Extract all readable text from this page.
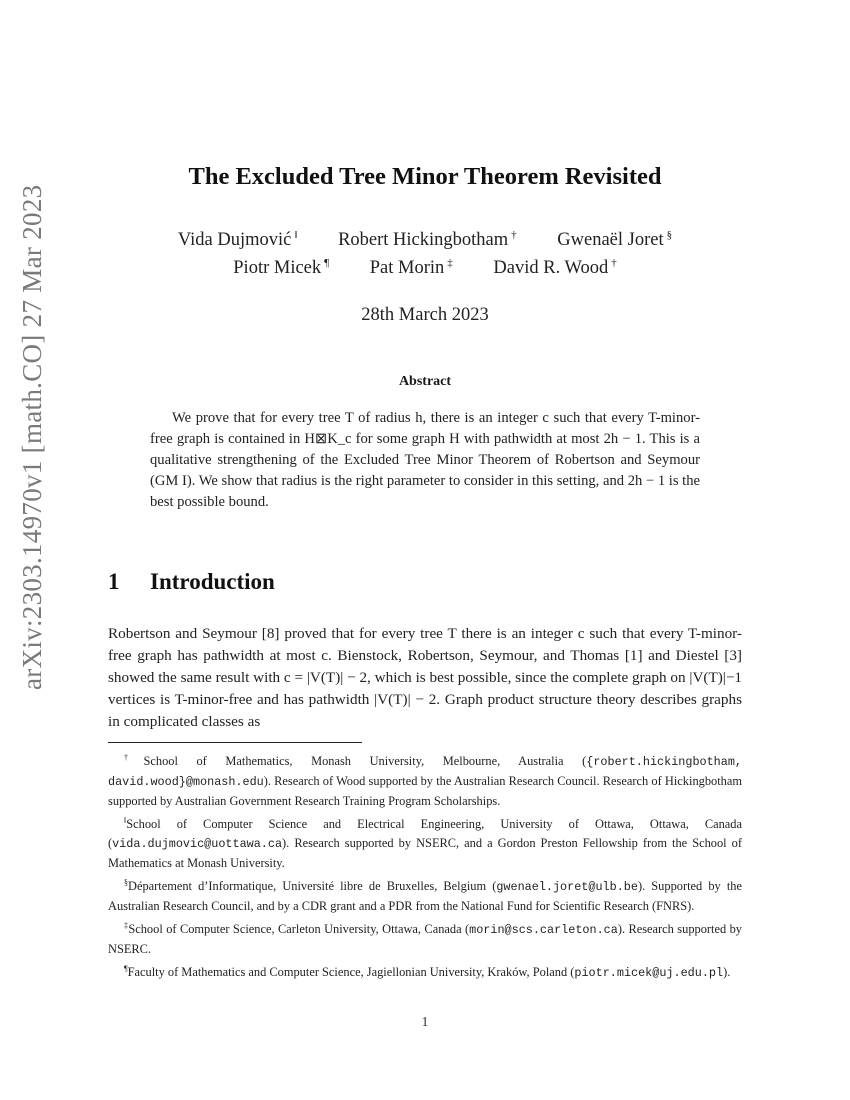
arXiv:2303.14970v1 [math.CO] 27 Mar 2023
The Excluded Tree Minor Theorem Revisited
Vida Dujmović ‖ Robert Hickingbotham † Gwenaël Joret §
Piotr Micek ¶ Pat Morin ‡ David R. Wood †
28th March 2023
Abstract
We prove that for every tree T of radius h, there is an integer c such that every T-minor-free graph is contained in H⊠K_c for some graph H with pathwidth at most 2h − 1. This is a qualitative strengthening of the Excluded Tree Minor Theorem of Robertson and Seymour (GM I). We show that radius is the right parameter to consider in this setting, and 2h − 1 is the best possible bound.
1 Introduction
Robertson and Seymour [8] proved that for every tree T there is an integer c such that every T-minor-free graph has pathwidth at most c. Bienstock, Robertson, Seymour, and Thomas [1] and Diestel [3] showed the same result with c = |V(T)| − 2, which is best possible, since the complete graph on |V(T)|−1 vertices is T-minor-free and has pathwidth |V(T)| − 2. Graph product structure theory describes graphs in complicated classes as

†School of Mathematics, Monash University, Melbourne, Australia ({robert.hickingbotham, david.wood}@monash.edu). Research of Wood supported by the Australian Research Council. Research of Hickingbotham supported by Australian Government Research Training Program Scholarships.

‖School of Computer Science and Electrical Engineering, University of Ottawa, Ottawa, Canada (vida.dujmovic@uottawa.ca). Research supported by NSERC, and a Gordon Preston Fellowship from the School of Mathematics at Monash University.

§Département d’Informatique, Université libre de Bruxelles, Belgium (gwenael.joret@ulb.be). Supported by the Australian Research Council, and by a CDR grant and a PDR from the National Fund for Scientific Research (FNRS).

‡School of Computer Science, Carleton University, Ottawa, Canada (morin@scs.carleton.ca). Research supported by NSERC.

¶Faculty of Mathematics and Computer Science, Jagiellonian University, Kraków, Poland (piotr.micek@uj.edu.pl).

1
